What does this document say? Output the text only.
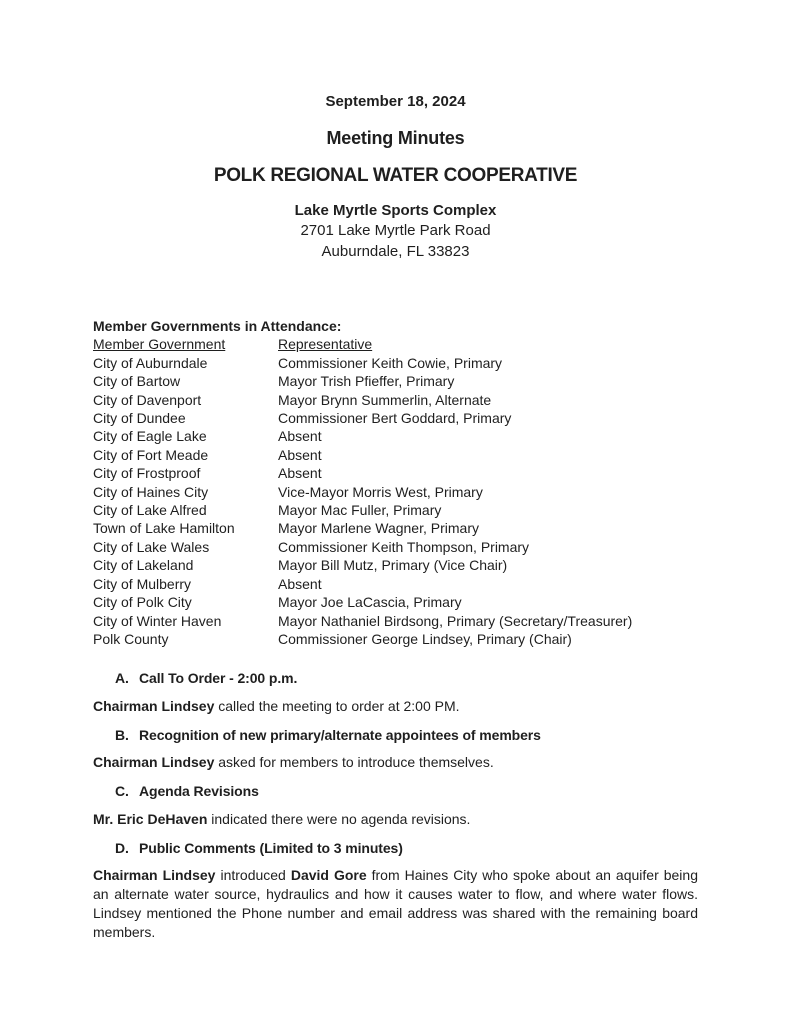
September 18, 2024
Meeting Minutes
POLK REGIONAL WATER COOPERATIVE
Lake Myrtle Sports Complex
2701 Lake Myrtle Park Road
Auburndale, FL 33823
Member Governments in Attendance:
Member Government	Representative
City of Auburndale	Commissioner Keith Cowie, Primary
City of Bartow	Mayor Trish Pfieffer, Primary
City of Davenport	Mayor Brynn Summerlin, Alternate
City of Dundee	Commissioner Bert Goddard, Primary
City of Eagle Lake	Absent
City of Fort Meade	Absent
City of Frostproof	Absent
City of Haines City	Vice-Mayor Morris West, Primary
City of Lake Alfred	Mayor Mac Fuller, Primary
Town of Lake Hamilton	Mayor Marlene Wagner, Primary
City of Lake Wales	Commissioner Keith Thompson, Primary
City of Lakeland	Mayor Bill Mutz, Primary (Vice Chair)
City of Mulberry	Absent
City of Polk City	Mayor Joe LaCascia, Primary
City of Winter Haven	Mayor Nathaniel Birdsong, Primary (Secretary/Treasurer)
Polk County	Commissioner George Lindsey, Primary (Chair)
A. Call To Order - 2:00 p.m.

Chairman Lindsey called the meeting to order at 2:00 PM.

B. Recognition of new primary/alternate appointees of members

Chairman Lindsey asked for members to introduce themselves.

C. Agenda Revisions

Mr. Eric DeHaven indicated there were no agenda revisions.

D. Public Comments (Limited to 3 minutes)

Chairman Lindsey introduced David Gore from Haines City who spoke about an aquifer being an alternate water source, hydraulics and how it causes water to flow, and where water flows. Lindsey mentioned the Phone number and email address was shared with the remaining board members.
